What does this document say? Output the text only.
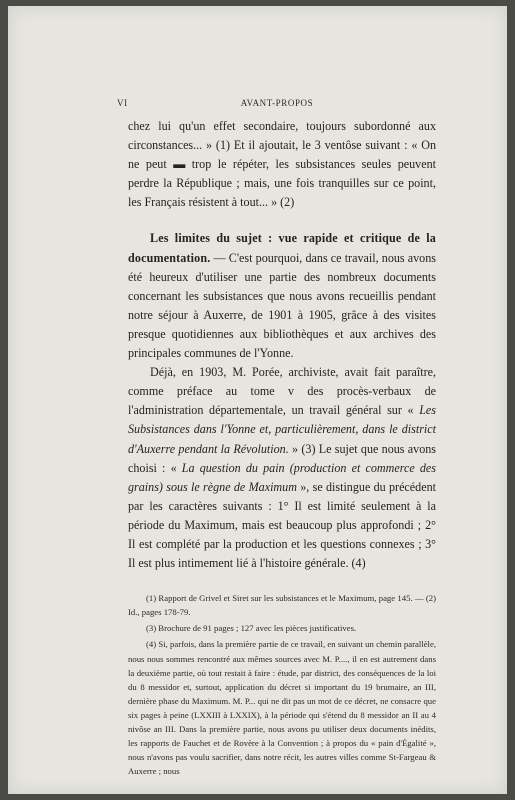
VI	AVANT-PROPOS

chez lui qu'un effet secondaire, toujours subordonné aux circonstances... » (1) Et il ajoutait, le 3 ventôse suivant : « On ne peut ▬ trop le répéter, les subsistances seules peuvent perdre la République ; mais, une fois tranquilles sur ce point, les Français résistent à tout... » (2)

Les limites du sujet : vue rapide et critique de la documentation. — C'est pourquoi, dans ce travail, nous avons été heureux d'utiliser une partie des nombreux documents concernant les subsistances que nous avons recueillis pendant notre séjour à Auxerre, de 1901 à 1905, grâce à des visites presque quotidiennes aux bibliothèques et aux archives des principales communes de l'Yonne.

Déjà, en 1903, M. Porée, archiviste, avait fait paraître, comme préface au tome v des procès-verbaux de l'administration départementale, un travail général sur « Les Subsistances dans l'Yonne et, particulièrement, dans le district d'Auxerre pendant la Révolution. » (3) Le sujet que nous avons choisi : « La question du pain (production et commerce des grains) sous le règne de Maximum », se distingue du précédent par les caractères suivants : 1° Il est limité seulement à la période du Maximum, mais est beaucoup plus approfondi ; 2° Il est complété par la production et les questions connexes ; 3° Il est plus intimement lié à l'histoire générale. (4)

(1) Rapport de Grivel et Siret sur les subsistances et le Maximum, page 145. — (2) Id., pages 178-79.

(3) Brochure de 91 pages ; 127 avec les pièces justificatives.

(4) Si, parfois, dans la première partie de ce travail, en suivant un chemin parallèle, nous nous sommes rencontré aux mêmes sources avec M. P...., il en est autrement dans la deuxième partie, où tout restait à faire : étude, par district, des conséquences de la loi du 8 messidor et, surtout, application du décret si important du 19 brumaire, an III, dernière phase du Maximum. M. P... qui ne dit pas un mot de ce décret, ne consacre que six pages à peine (LXXIII à LXXIX), à la période qui s'étend du 8 messidor an II au 4 nivôse an III. Dans la première partie, nous avons pu utiliser deux documents inédits, les rapports de Fauchet et de Rovère à la Convention ; à propos du « pain d'Égalité », nous n'avons pas voulu sacrifier, dans notre récit, les autres villes comme St-Fargeau & Auxerre ; nous
